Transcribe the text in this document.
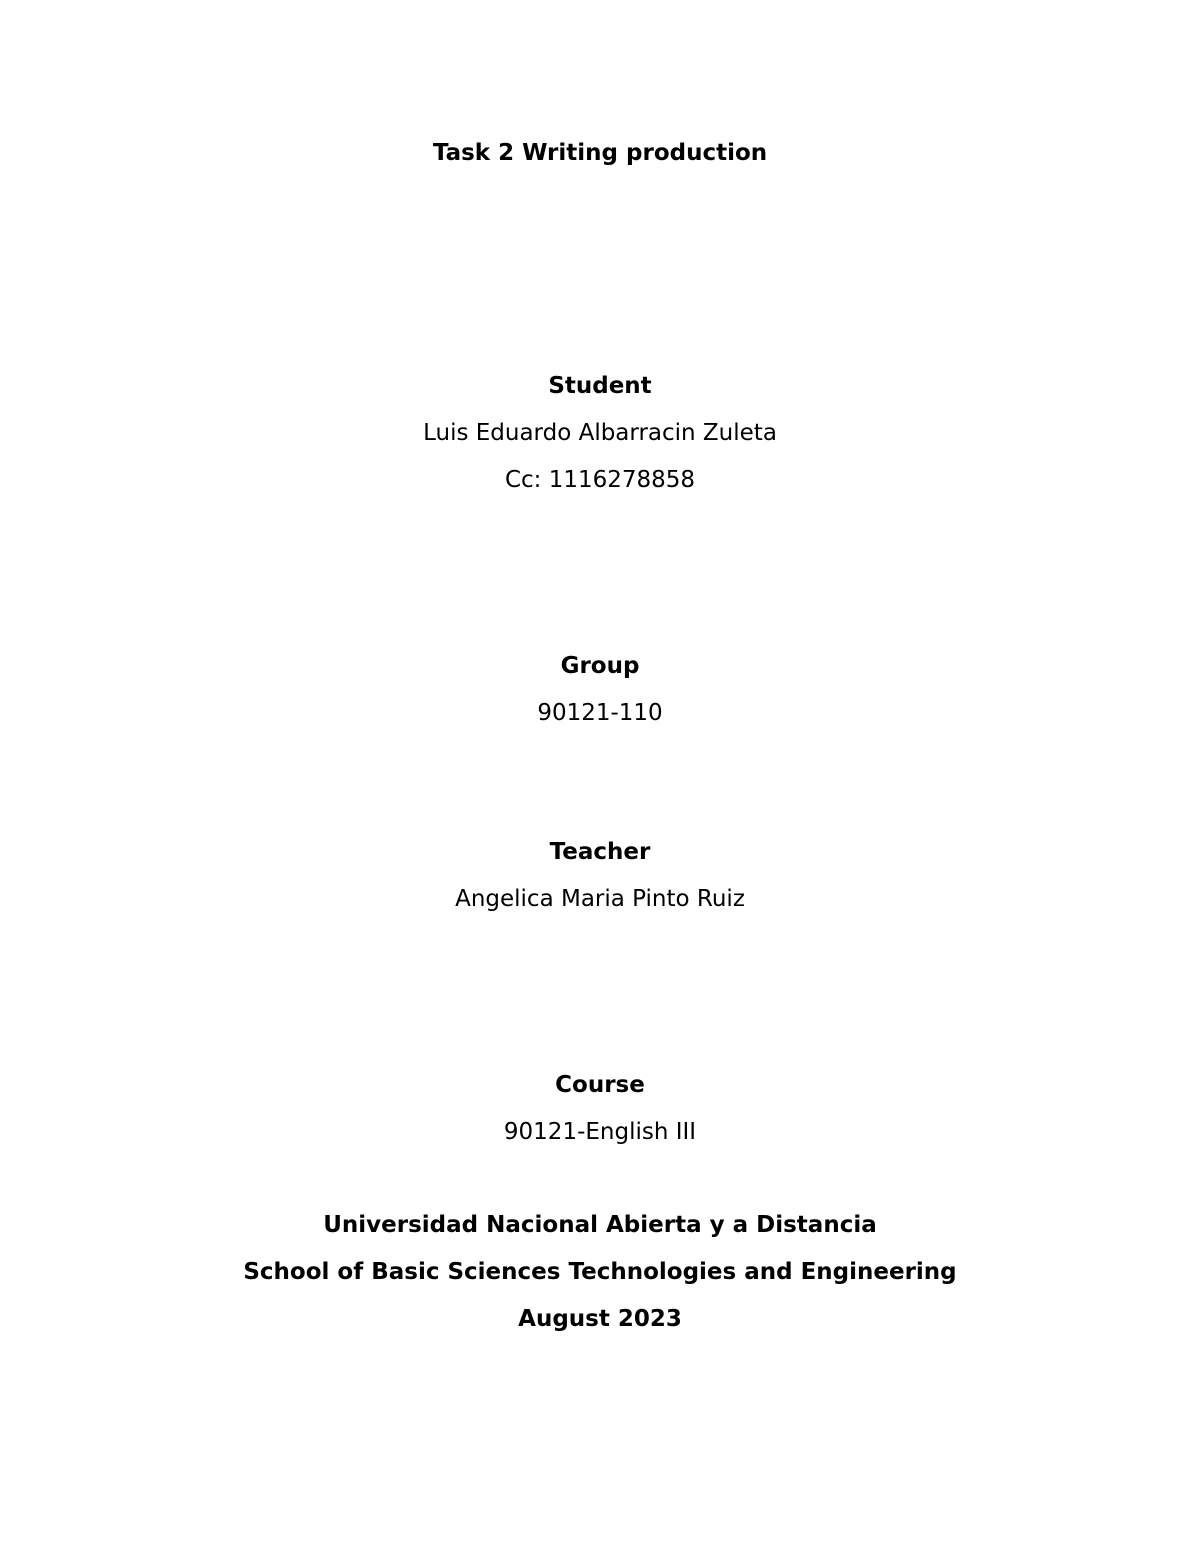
Task 2 Writing production
Student
Luis Eduardo Albarracin Zuleta
Cc: 1116278858
Group
90121-110
Teacher
Angelica Maria Pinto Ruiz
Course
90121-English III
Universidad Nacional Abierta y a Distancia
School of Basic Sciences Technologies and Engineering
August 2023
